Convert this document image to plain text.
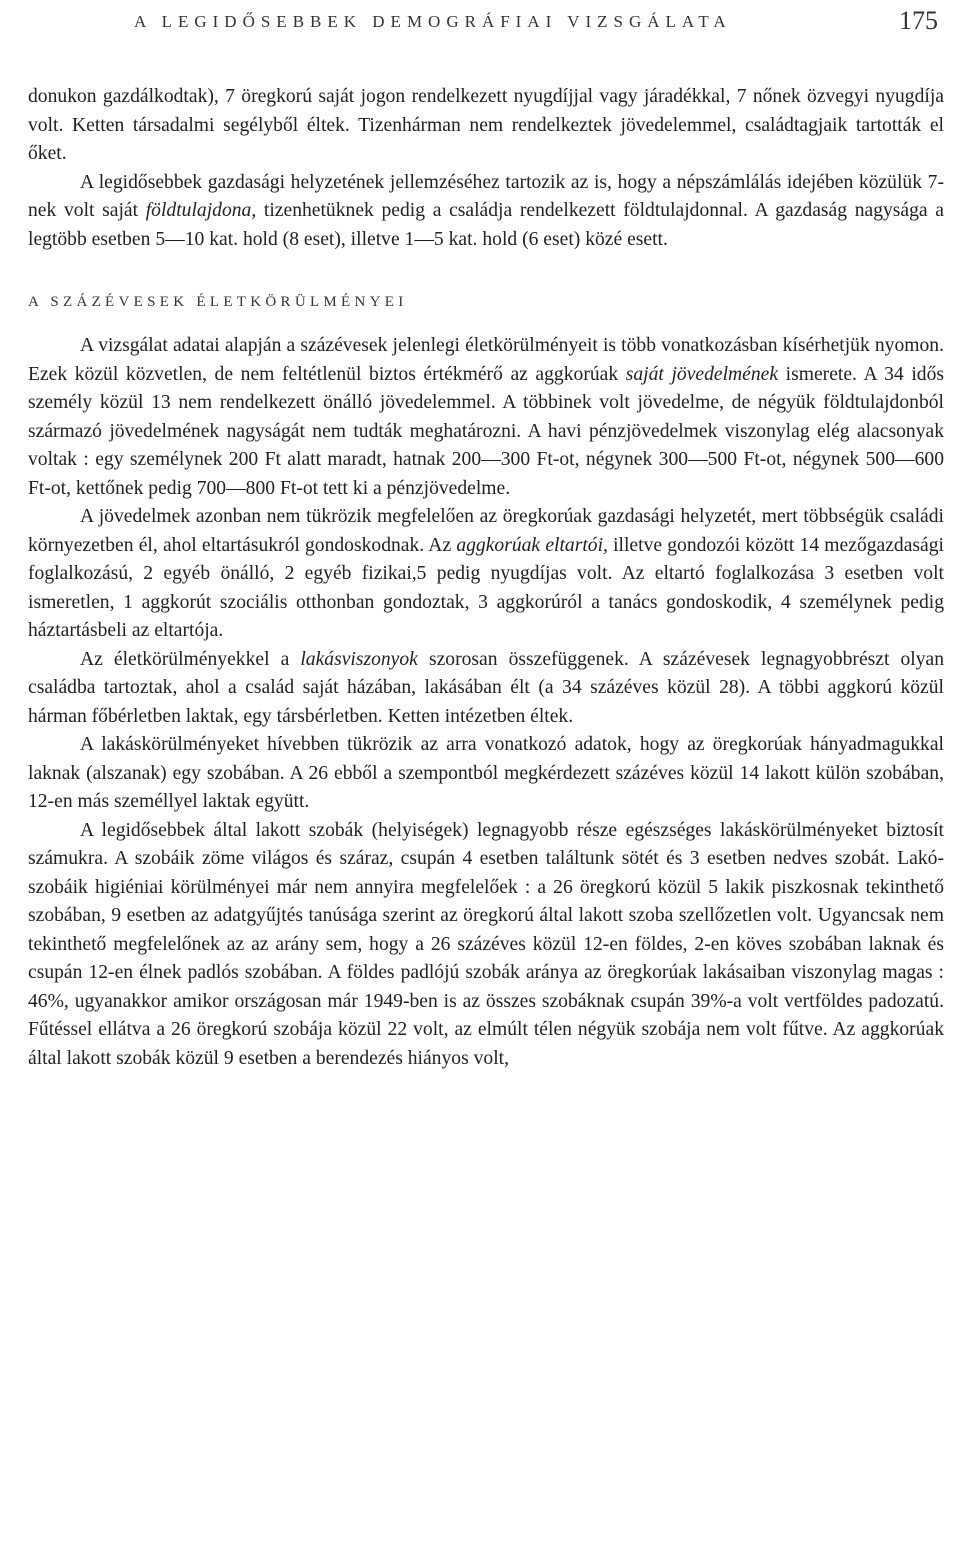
A LEGIDŐSEBBEK DEMOGRÁFIAI VIZSGÁLATA	175

donukon gazdálkodtak), 7 öregkorú saját jogon rendelkezett nyugdíjjal vagy járadékkal, 7 nőnek özvegyi nyugdíja volt. Ketten társadalmi segélyből éltek. Tizenhárman nem rendelkeztek jövedelemmel, családtagjaik tartották el őket.

A legidősebbek gazdasági helyzetének jellemzéséhez tartozik az is, hogy a népszámlálás idejében közülük 7-nek volt saját földtulajdona, tizenhetüknek pedig a családja rendelkezett földtulajdonnal. A gazdaság nagysága a legtöbb esetben 5—10 kat. hold (8 eset), illetve 1—5 kat. hold (6 eset) közé esett.

A SZÁZÉVESEK ÉLETKÖRÜLMÉNYEI

A vizsgálat adatai alapján a százévesek jelenlegi életkörülményeit is több vonatkozásban kísérhetjük nyomon. Ezek közül közvetlen, de nem feltétlenül biztos értékmérő az aggkorúak saját jövedelmének ismerete. A 34 idős személy közül 13 nem rendelkezett önálló jövedelemmel. A többinek volt jövedelme, de négyük földtulajdonból származó jövedelmének nagyságát nem tudták meghatározni. A havi pénzjövedelmek viszonylag elég alacsonyak voltak : egy személynek 200 Ft alatt maradt, hatnak 200—300 Ft-ot, négynek 300—500 Ft-ot, négynek 500—600 Ft-ot, kettőnek pedig 700—800 Ft-ot tett ki a pénzjövedelme.

A jövedelmek azonban nem tükrözik megfelelően az öregkorúak gazdasági helyzetét, mert többségük családi környezetben él, ahol eltartásukról gondoskodnak. Az aggkorúak eltartói, illetve gondozói között 14 mezőgazdasági foglalkozású, 2 egyéb önálló, 2 egyéb fizikai,5 pedig nyugdíjas volt. Az eltartó foglalkozása 3 esetben volt ismeretlen, 1 aggkorút szociális otthonban gondoztak, 3 aggkorúról a tanács gondoskodik, 4 személynek pedig háztartásbeli az eltartója.

Az életkörülményekkel a lakásviszonyok szorosan összefüggenek. A százévesek legnagyobbrészt olyan családba tartoztak, ahol a család saját házában, lakásában élt (a 34 százéves közül 28). A többi aggkorú közül hárman főbérletben laktak, egy társbérletben. Ketten intézetben éltek.

A lakáskörülményeket hívebben tükrözik az arra vonatkozó adatok, hogy az öregkorúak hányadmagukkal laknak (alszanak) egy szobában. A 26 ebből a szempontból megkérdezett százéves közül 14 lakott külön szobában, 12-en más személlyel laktak együtt.

A legidősebbek által lakott szobák (helyiségek) legnagyobb része egészséges lakáskörülményeket biztosít számukra. A szobáik zöme világos és száraz, csupán 4 esetben találtunk sötét és 3 esetben nedves szobát. Lakószobáik higiéniai körülményei már nem annyira megfelelőek : a 26 öregkorú közül 5 lakik piszkosnak tekinthető szobában, 9 esetben az adatgyűjtés tanúsága szerint az öregkorú által lakott szoba szellőzetlen volt. Ugyancsak nem tekinthető megfelelőnek az az arány sem, hogy a 26 százéves közül 12-en földes, 2-en köves szobában laknak és csupán 12-en élnek padlós szobában. A földes padlójú szobák aránya az öregkorúak lakásaiban viszonylag magas : 46%, ugyanakkor amikor országosan már 1949-ben is az összes szobáknak csupán 39%-a volt vertföldes padozatú. Fűtéssel ellátva a 26 öregkorú szobája közül 22 volt, az elmúlt télen négyük szobája nem volt fűtve. Az aggkorúak által lakott szobák közül 9 esetben a berendezés hiányos volt,
